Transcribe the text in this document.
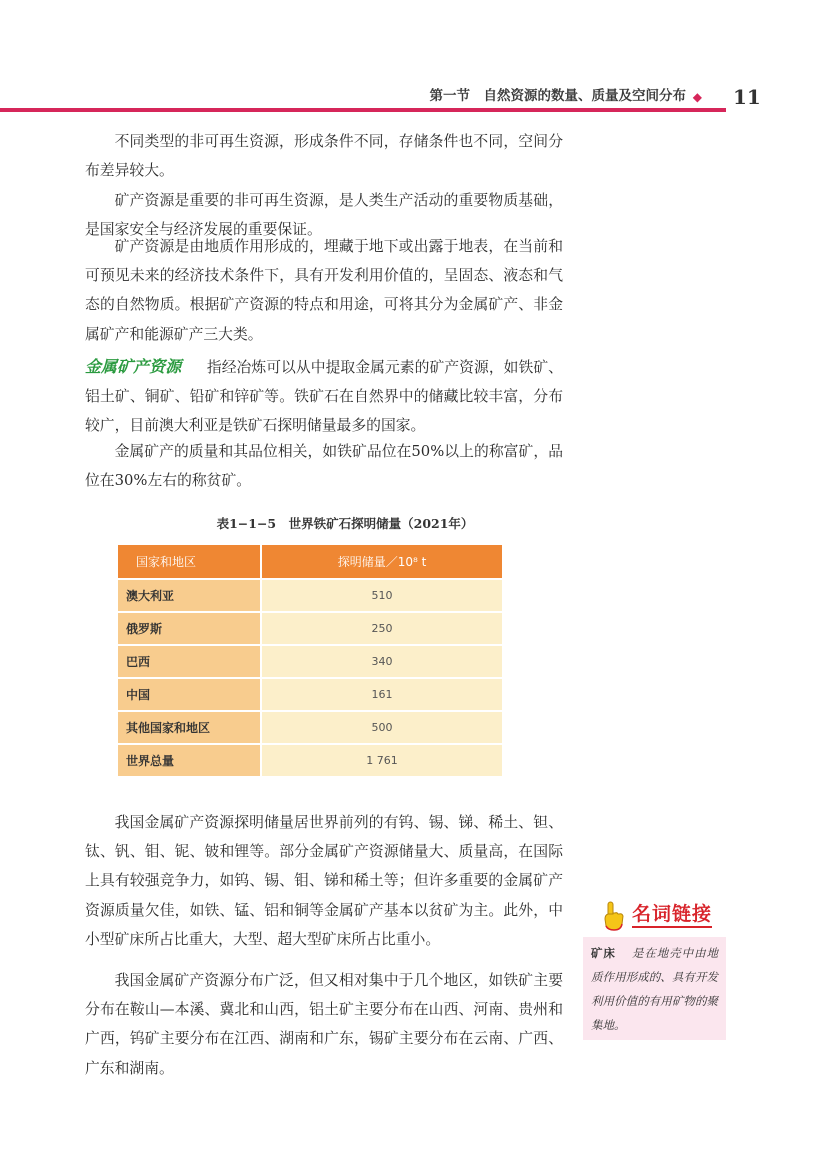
第一节　自然资源的数量、质量及空间分布 ◆ 11

不同类型的非可再生资源，形成条件不同，存储条件也不同，空间分布差异较大。

矿产资源是重要的非可再生资源，是人类生产活动的重要物质基础，是国家安全与经济发展的重要保证。

矿产资源是由地质作用形成的，埋藏于地下或出露于地表，在当前和可预见未来的经济技术条件下，具有开发利用价值的，呈固态、液态和气态的自然物质。根据矿产资源的特点和用途，可将其分为金属矿产、非金属矿产和能源矿产三大类。

金属矿产资源 指经冶炼可以从中提取金属元素的矿产资源，如铁矿、铝土矿、铜矿、铅矿和锌矿等。铁矿石在自然界中的储藏比较丰富，分布较广，目前澳大利亚是铁矿石探明储量最多的国家。

金属矿产的质量和其品位相关，如铁矿品位在50%以上的称富矿，品位在30%左右的称贫矿。

表1−1−5　世界铁矿石探明储量（2021年）
国家和地区	探明储量／10⁸ t
澳大利亚	510
俄罗斯	250
巴西	340
中国	161
其他国家和地区	500
世界总量	1 761

我国金属矿产资源探明储量居世界前列的有钨、锡、锑、稀土、钽、钛、钒、钼、铌、铍和锂等。部分金属矿产资源储量大、质量高，在国际上具有较强竞争力，如钨、锡、钼、锑和稀土等；但许多重要的金属矿产资源质量欠佳，如铁、锰、铝和铜等金属矿产基本以贫矿为主。此外，中小型矿床所占比重大，大型、超大型矿床所占比重小。

我国金属矿产资源分布广泛，但又相对集中于几个地区，如铁矿主要分布在鞍山—本溪、冀北和山西，铝土矿主要分布在山西、河南、贵州和广西，钨矿主要分布在江西、湖南和广东，锡矿主要分布在云南、广西、广东和湖南。

名词链接
矿床 是在地壳中由地质作用形成的、具有开发利用价值的有用矿物的聚集地。
